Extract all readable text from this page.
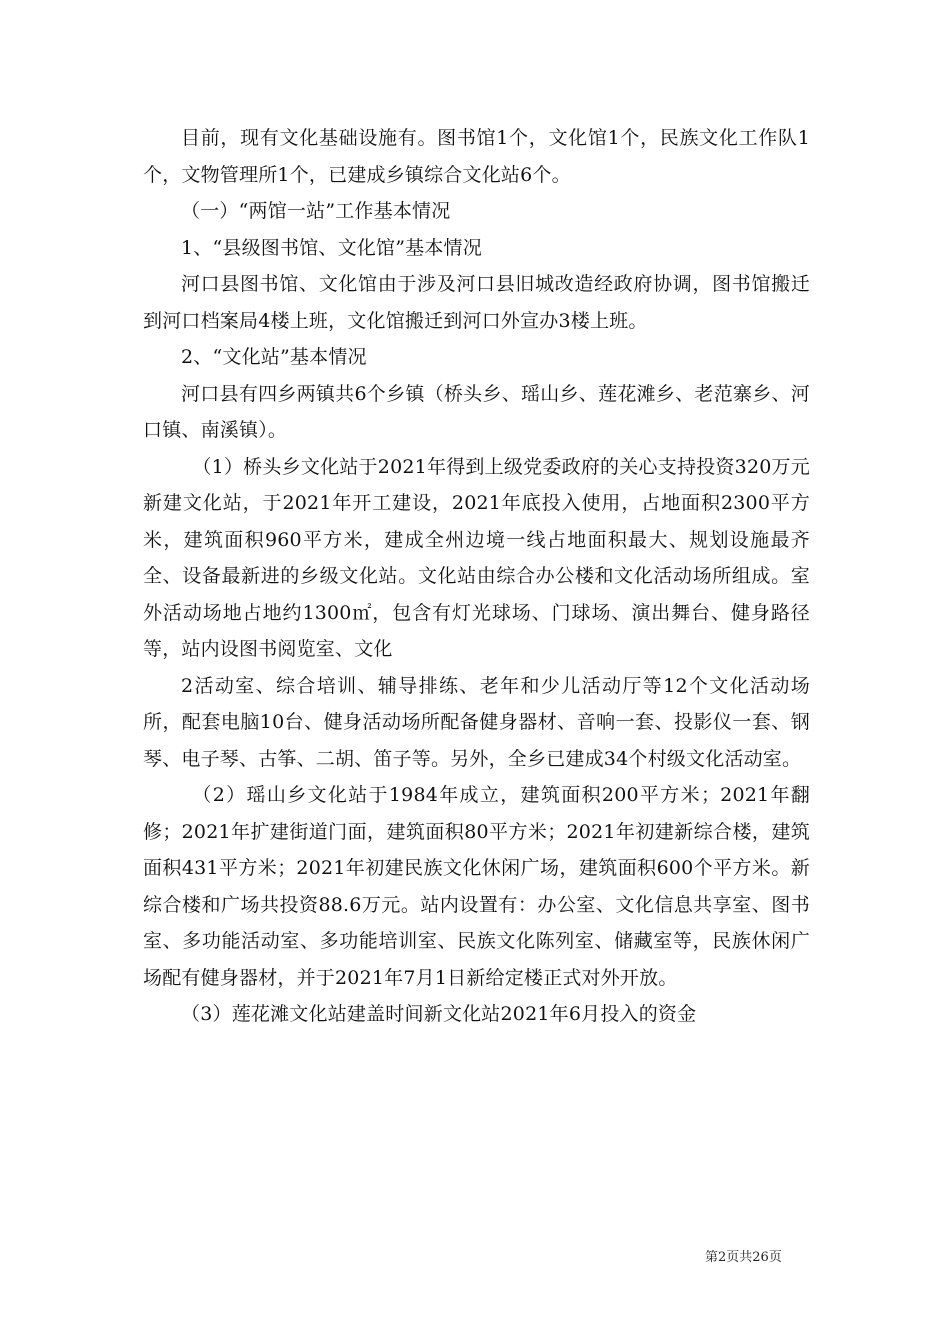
目前，现有文化基础设施有。图书馆1个，文化馆1个，民族文化工作队1个，文物管理所1个，已建成乡镇综合文化站6个。

（一）“两馆一站”工作基本情况

1、“县级图书馆、文化馆”基本情况

河口县图书馆、文化馆由于涉及河口县旧城改造经政府协调，图书馆搬迁到河口档案局4楼上班，文化馆搬迁到河口外宣办3楼上班。

2、“文化站”基本情况

河口县有四乡两镇共6个乡镇（桥头乡、瑶山乡、莲花滩乡、老范寨乡、河口镇、南溪镇）。

（1）桥头乡文化站于2021年得到上级党委政府的关心支持投资320万元新建文化站，于2021年开工建设，2021年底投入使用，占地面积2300平方米，建筑面积960平方米，建成全州边境一线占地面积最大、规划设施最齐全、设备最新进的乡级文化站。文化站由综合办公楼和文化活动场所组成。室外活动场地占地约1300㎡，包含有灯光球场、门球场、演出舞台、健身路径等，站内设图书阅览室、文化

2活动室、综合培训、辅导排练、老年和少儿活动厅等12个文化活动场所，配套电脑10台、健身活动场所配备健身器材、音响一套、投影仪一套、钢琴、电子琴、古筝、二胡、笛子等。另外，全乡已建成34个村级文化活动室。

（2）瑶山乡文化站于1984年成立，建筑面积200平方米；2021年翻修；2021年扩建街道门面，建筑面积80平方米；2021年初建新综合楼，建筑面积431平方米；2021年初建民族文化休闲广场，建筑面积600个平方米。新综合楼和广场共投资88.6万元。站内设置有：办公室、文化信息共享室、图书室、多功能活动室、多功能培训室、民族文化陈列室、储藏室等，民族休闲广场配有健身器材，并于2021年7月1日新给定楼正式对外开放。

（3）莲花滩文化站建盖时间新文化站2021年6月投入的资金

第2页共26页
